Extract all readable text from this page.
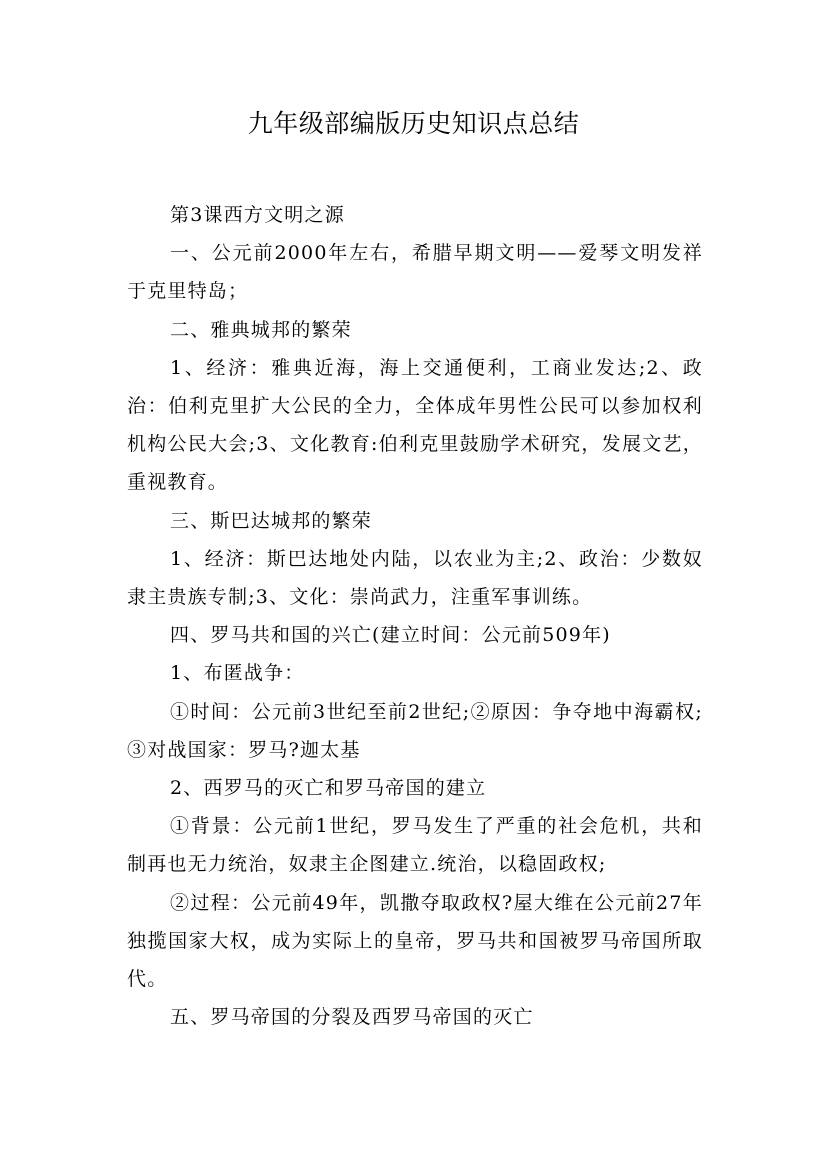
九年级部编版历史知识点总结

第3课西方文明之源

一、公元前2000年左右，希腊早期文明——爱琴文明发祥于克里特岛；

二、雅典城邦的繁荣

1、经济：雅典近海，海上交通便利，工商业发达;2、政治：伯利克里扩大公民的全力，全体成年男性公民可以参加权利机构公民大会;3、文化教育:伯利克里鼓励学术研究，发展文艺，重视教育。

三、斯巴达城邦的繁荣

1、经济：斯巴达地处内陆，以农业为主;2、政治：少数奴隶主贵族专制;3、文化：崇尚武力，注重军事训练。

四、罗马共和国的兴亡(建立时间：公元前509年)

1、布匿战争：

①时间：公元前3世纪至前2世纪;②原因：争夺地中海霸权;③对战国家：罗马?迦太基

2、西罗马的灭亡和罗马帝国的建立

①背景：公元前1世纪，罗马发生了严重的社会危机，共和制再也无力统治，奴隶主企图建立.统治，以稳固政权;

②过程：公元前49年，凯撒夺取政权?屋大维在公元前27年独揽国家大权，成为实际上的皇帝，罗马共和国被罗马帝国所取代。

五、罗马帝国的分裂及西罗马帝国的灭亡
